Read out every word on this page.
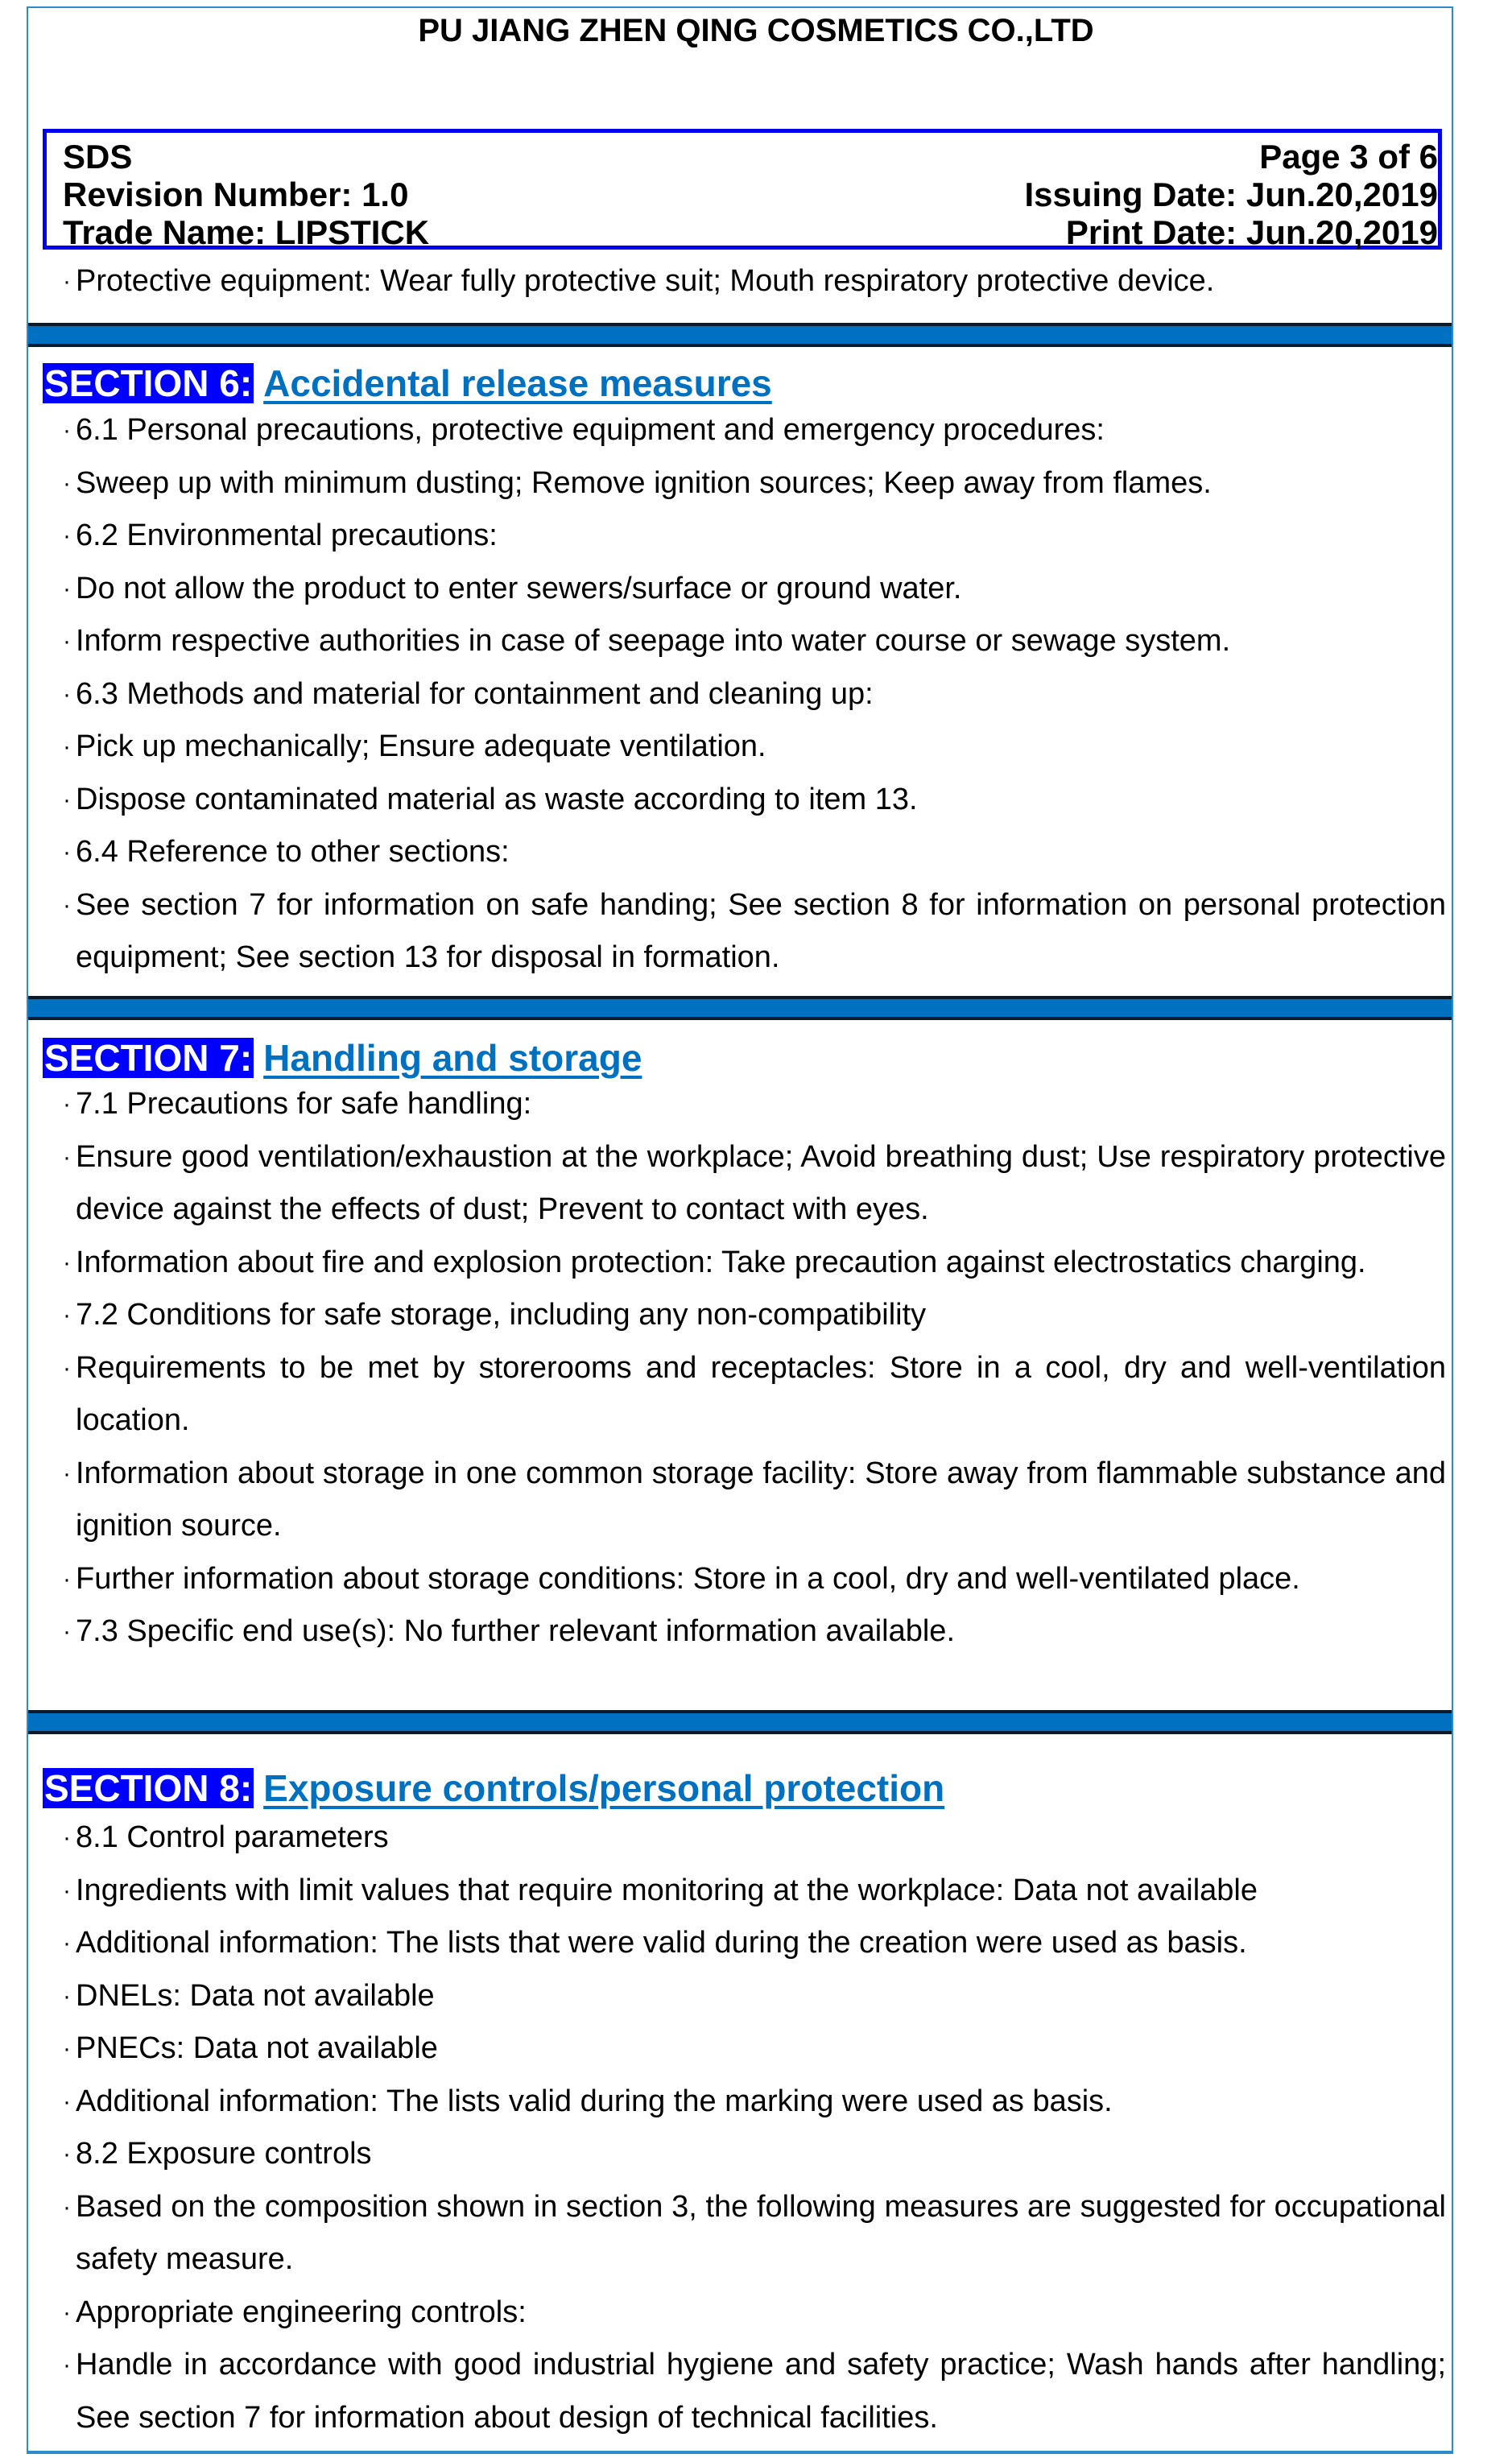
PU JIANG ZHEN QING COSMETICS CO.,LTD
SDS	Page 3 of 6
Revision Number: 1.0	Issuing Date: Jun.20,2019
Trade Name: LIPSTICK	Print Date: Jun.20,2019
· Protective equipment: Wear fully protective suit; Mouth respiratory protective device.
SECTION 6: Accidental release measures
· 6.1 Personal precautions, protective equipment and emergency procedures:
· Sweep up with minimum dusting; Remove ignition sources; Keep away from flames.
· 6.2 Environmental precautions:
· Do not allow the product to enter sewers/surface or ground water.
· Inform respective authorities in case of seepage into water course or sewage system.
· 6.3 Methods and material for containment and cleaning up:
· Pick up mechanically; Ensure adequate ventilation.
· Dispose contaminated material as waste according to item 13.
· 6.4 Reference to other sections:
· See section 7 for information on safe handing; See section 8 for information on personal protection equipment; See section 13 for disposal in formation.
SECTION 7: Handling and storage
· 7.1 Precautions for safe handling:
· Ensure good ventilation/exhaustion at the workplace; Avoid breathing dust; Use respiratory protective device against the effects of dust; Prevent to contact with eyes.
· Information about fire and explosion protection: Take precaution against electrostatics charging.
· 7.2 Conditions for safe storage, including any non-compatibility
· Requirements to be met by storerooms and receptacles: Store in a cool, dry and well-ventilation location.
· Information about storage in one common storage facility: Store away from flammable substance and ignition source.
· Further information about storage conditions: Store in a cool, dry and well-ventilated place.
· 7.3 Specific end use(s): No further relevant information available.
SECTION 8: Exposure controls/personal protection
· 8.1 Control parameters
· Ingredients with limit values that require monitoring at the workplace: Data not available
· Additional information: The lists that were valid during the creation were used as basis.
· DNELs: Data not available
· PNECs: Data not available
· Additional information: The lists valid during the marking were used as basis.
· 8.2 Exposure controls
· Based on the composition shown in section 3, the following measures are suggested for occupational safety measure.
· Appropriate engineering controls:
· Handle in accordance with good industrial hygiene and safety practice; Wash hands after handling; See section 7 for information about design of technical facilities.
